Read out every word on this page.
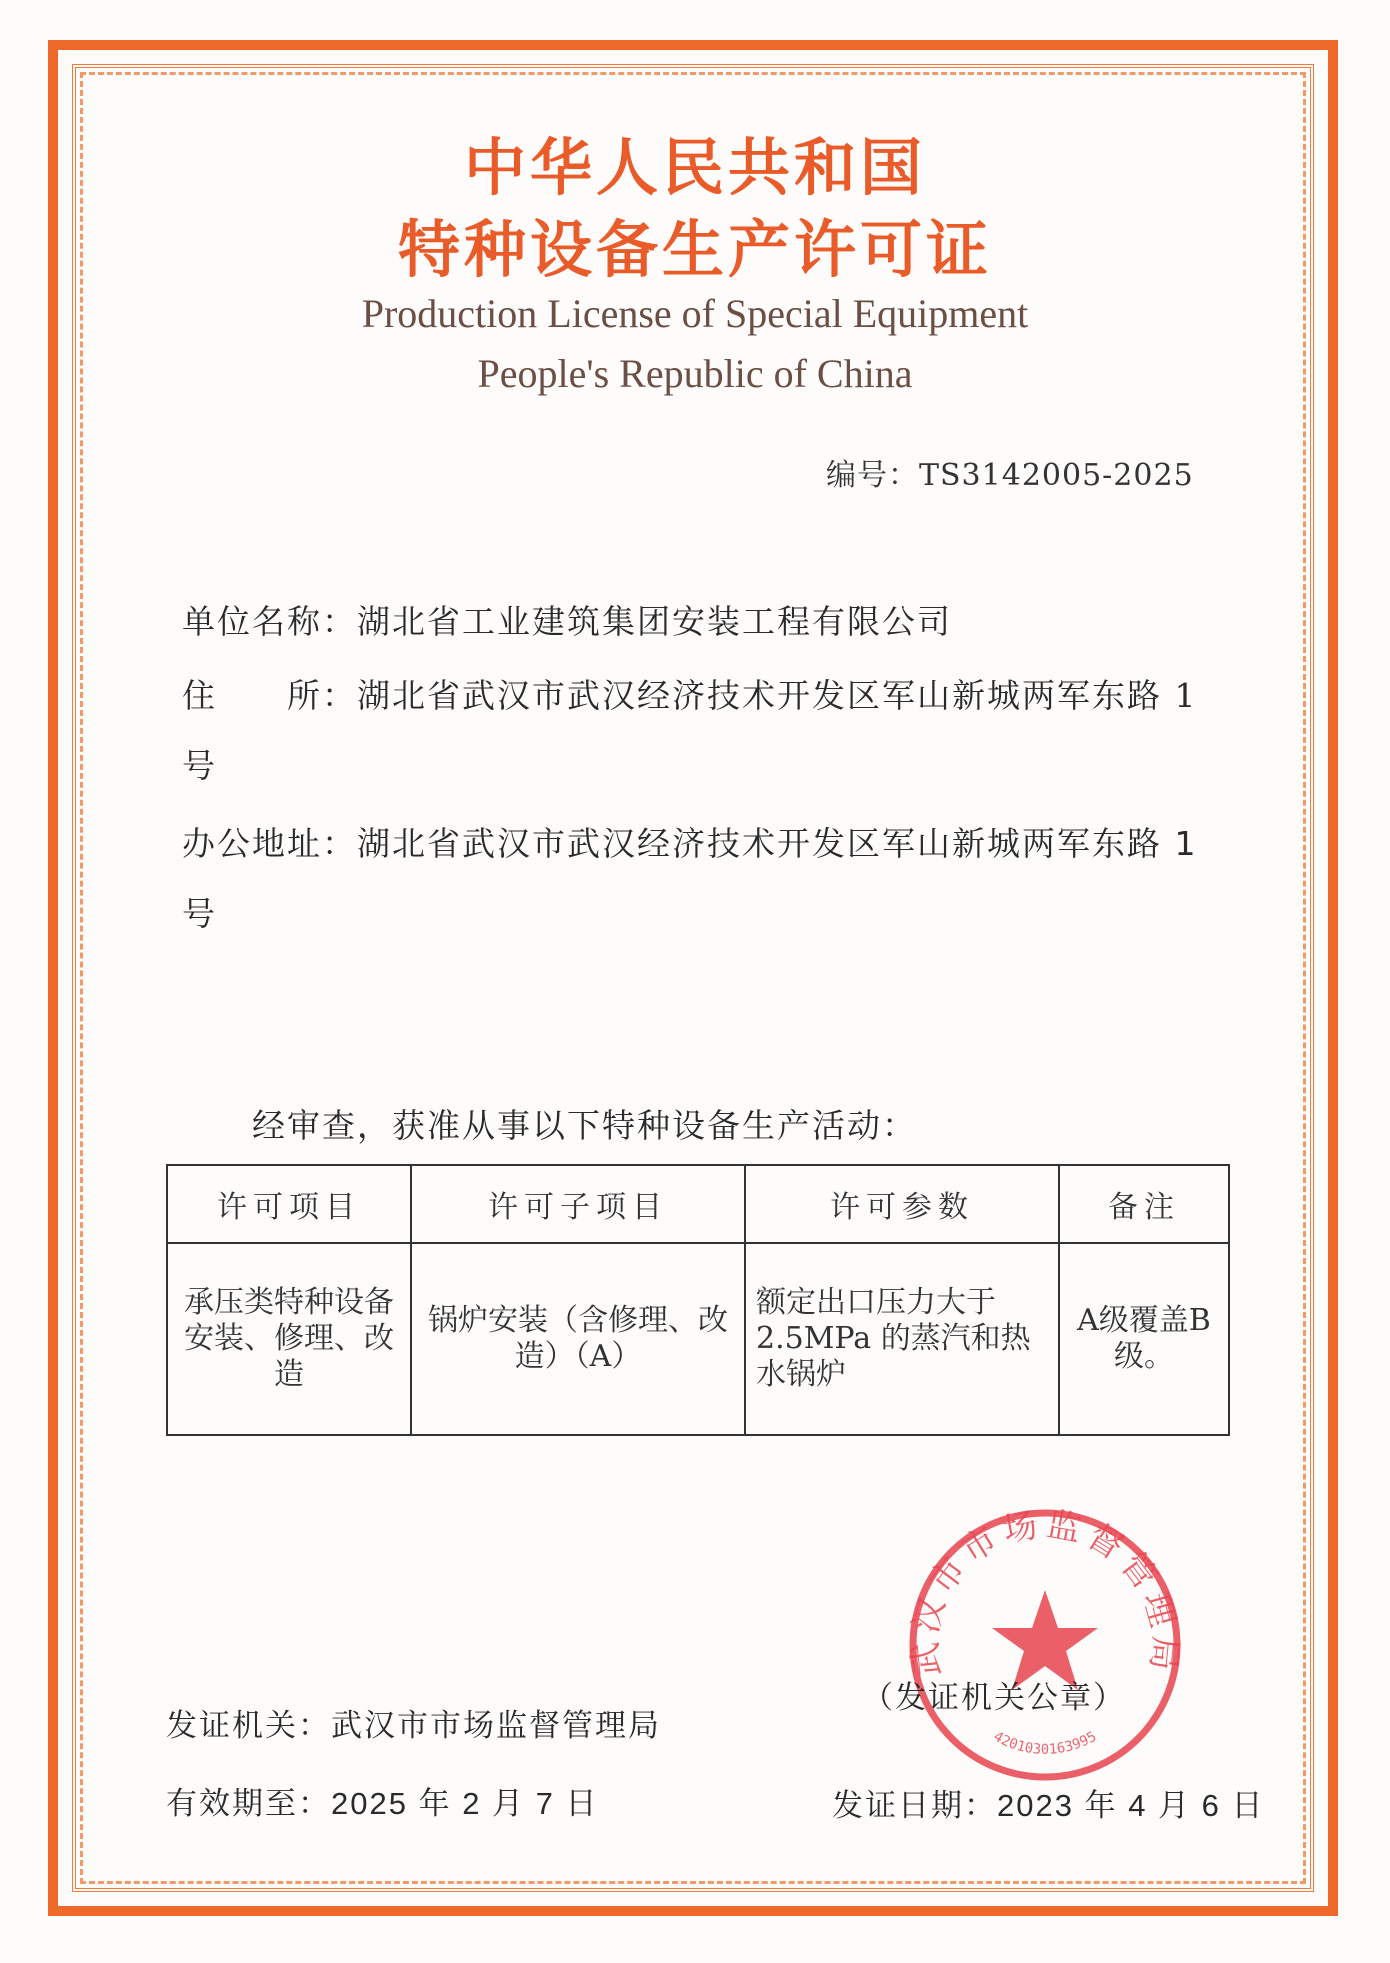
中华人民共和国
特种设备生产许可证
Production License of Special Equipment
People's Republic of China
编号：TS3142005-2025
单位名称：湖北省工业建筑集团安装工程有限公司
住　　所：湖北省武汉市武汉经济技术开发区军山新城两军东路 1
号
办公地址：湖北省武汉市武汉经济技术开发区军山新城两军东路 1
号
经审查，获准从事以下特种设备生产活动：
许可项目	许可子项目	许可参数	备注
承压类特种设备安装、修理、改造	锅炉安装（含修理、改造）（A）	额定出口压力大于2.5MPa 的蒸汽和热水锅炉	A级覆盖B级。
武汉市市场监督管理局
4201030163995
（发证机关公章）
发证机关：武汉市市场监督管理局
有效期至：2025 年 2 月 7 日	发证日期：2023 年 4 月 6 日
